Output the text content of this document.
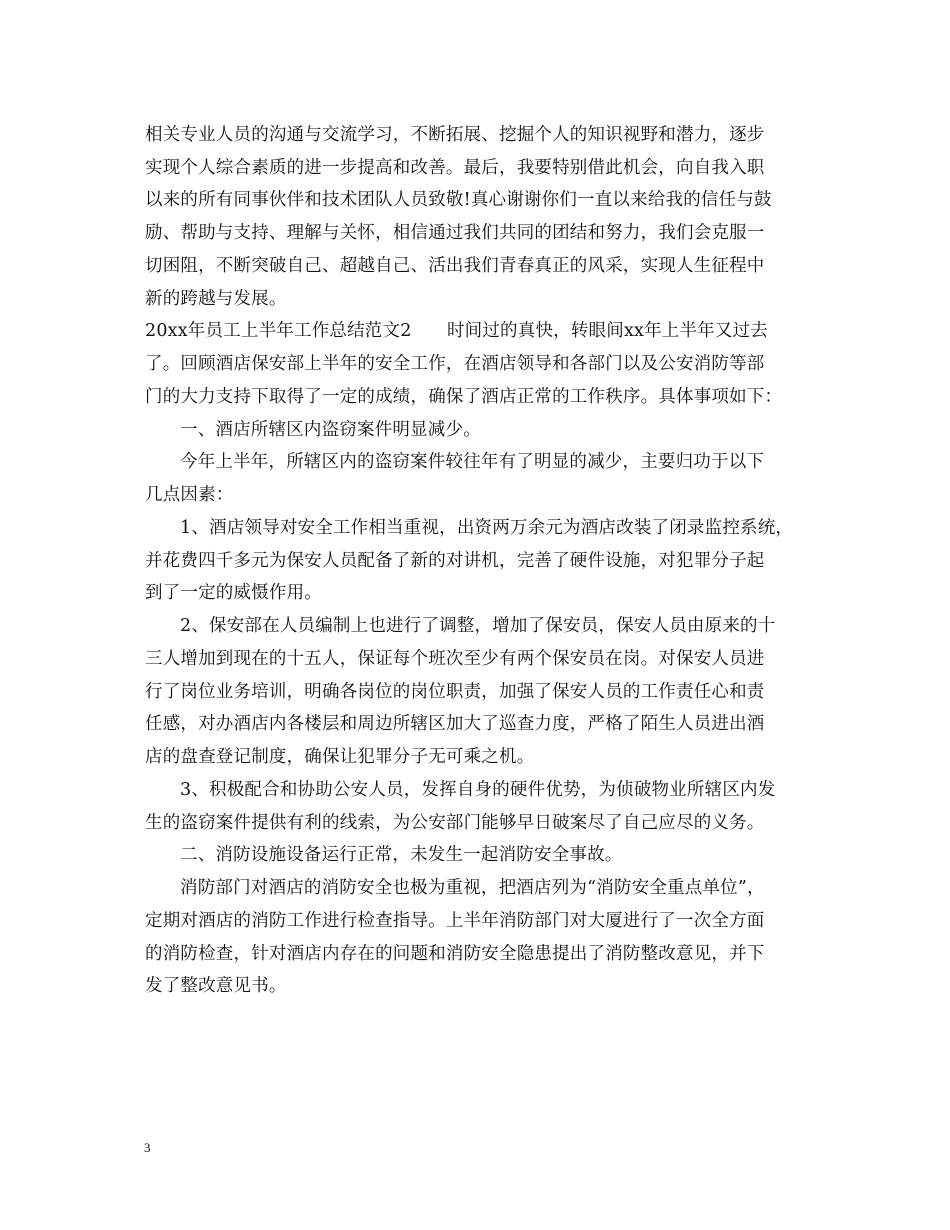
相关专业人员的沟通与交流学习，不断拓展、挖掘个人的知识视野和潜力，逐步
实现个人综合素质的进一步提高和改善。最后，我要特别借此机会，向自我入职
以来的所有同事伙伴和技术团队人员致敬!真心谢谢你们一直以来给我的信任与鼓
励、帮助与支持、理解与关怀，相信通过我们共同的团结和努力，我们会克服一
切困阻，不断突破自己、超越自己、活出我们青春真正的风采，实现人生征程中
新的跨越与发展。
20xx年员工上半年工作总结范文2　　时间过的真快，转眼间xx年上半年又过去
了。回顾酒店保安部上半年的安全工作，在酒店领导和各部门以及公安消防等部
门的大力支持下取得了一定的成绩，确保了酒店正常的工作秩序。具体事项如下：
一、酒店所辖区内盗窃案件明显减少。
今年上半年，所辖区内的盗窃案件较往年有了明显的减少，主要归功于以下
几点因素：
1、酒店领导对安全工作相当重视，出资两万余元为酒店改装了闭录监控系统，
并花费四千多元为保安人员配备了新的对讲机，完善了硬件设施，对犯罪分子起
到了一定的威慑作用。
2、保安部在人员编制上也进行了调整，增加了保安员，保安人员由原来的十
三人增加到现在的十五人，保证每个班次至少有两个保安员在岗。对保安人员进
行了岗位业务培训，明确各岗位的岗位职责，加强了保安人员的工作责任心和责
任感，对办酒店内各楼层和周边所辖区加大了巡查力度，严格了陌生人员进出酒
店的盘查登记制度，确保让犯罪分子无可乘之机。
3、积极配合和协助公安人员，发挥自身的硬件优势，为侦破物业所辖区内发
生的盗窃案件提供有利的线索，为公安部门能够早日破案尽了自己应尽的义务。
二、消防设施设备运行正常，未发生一起消防安全事故。
消防部门对酒店的消防安全也极为重视，把酒店列为“消防安全重点单位”，
定期对酒店的消防工作进行检查指导。上半年消防部门对大厦进行了一次全方面
的消防检查，针对酒店内存在的问题和消防安全隐患提出了消防整改意见，并下
发了整改意见书。
3
